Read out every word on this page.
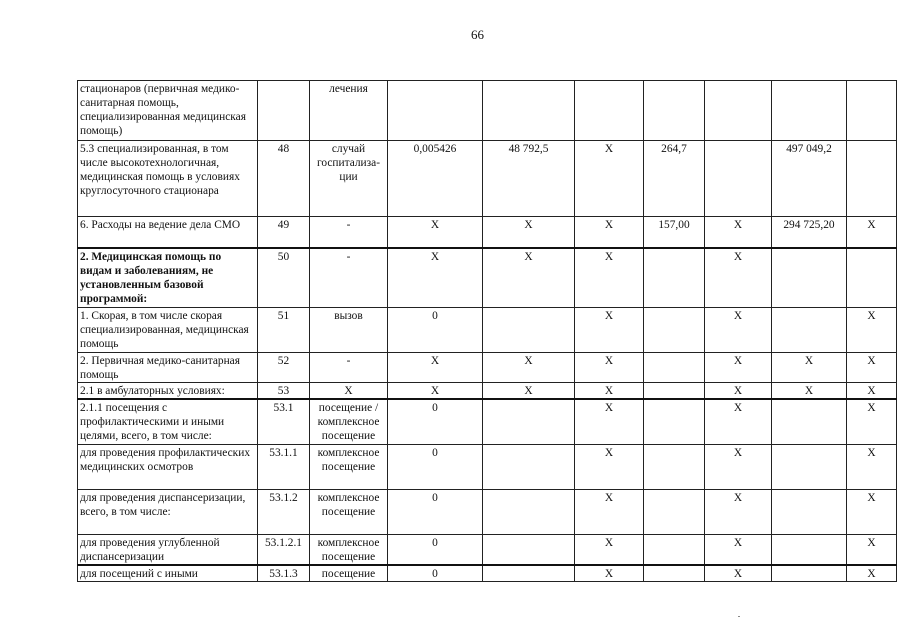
66
стационаров (первичная медико-санитарная помощь, специализированная медицинская помощь)		лечения							
5.3 специализированная, в том числе высокотехнологичная, медицинская помощь в условиях круглосуточного стационара	48	случай госпитализа-ции	0,005426	48 792,5	X	264,7		497 049,2	
6. Расходы на ведение дела СМО	49	-	X	X	X	157,00	X	294 725,20	X
2. Медицинская помощь по видам и заболеваниям, не установленным базовой программой:	50	-	X	X	X		X		
1. Скорая, в том числе скорая специализированная, медицинская помощь	51	вызов	0		X		X		X
2. Первичная медико-санитарная помощь	52	-	X	X	X		X	X	X
2.1 в амбулаторных условиях:	53	X	X	X	X		X	X	X
2.1.1 посещения с профилактическими и иными целями, всего, в том числе:	53.1	посещение / комплексное посещение	0		X		X		X
для проведения профилактических медицинских осмотров	53.1.1	комплексное посещение	0		X		X		X
для проведения диспансеризации, всего, в том числе:	53.1.2	комплексное посещение	0		X		X		X
для проведения углубленной диспансеризации	53.1.2.1	комплексное посещение	0		X		X		X
для посещений с иными	53.1.3	посещение	0		X		X		X
